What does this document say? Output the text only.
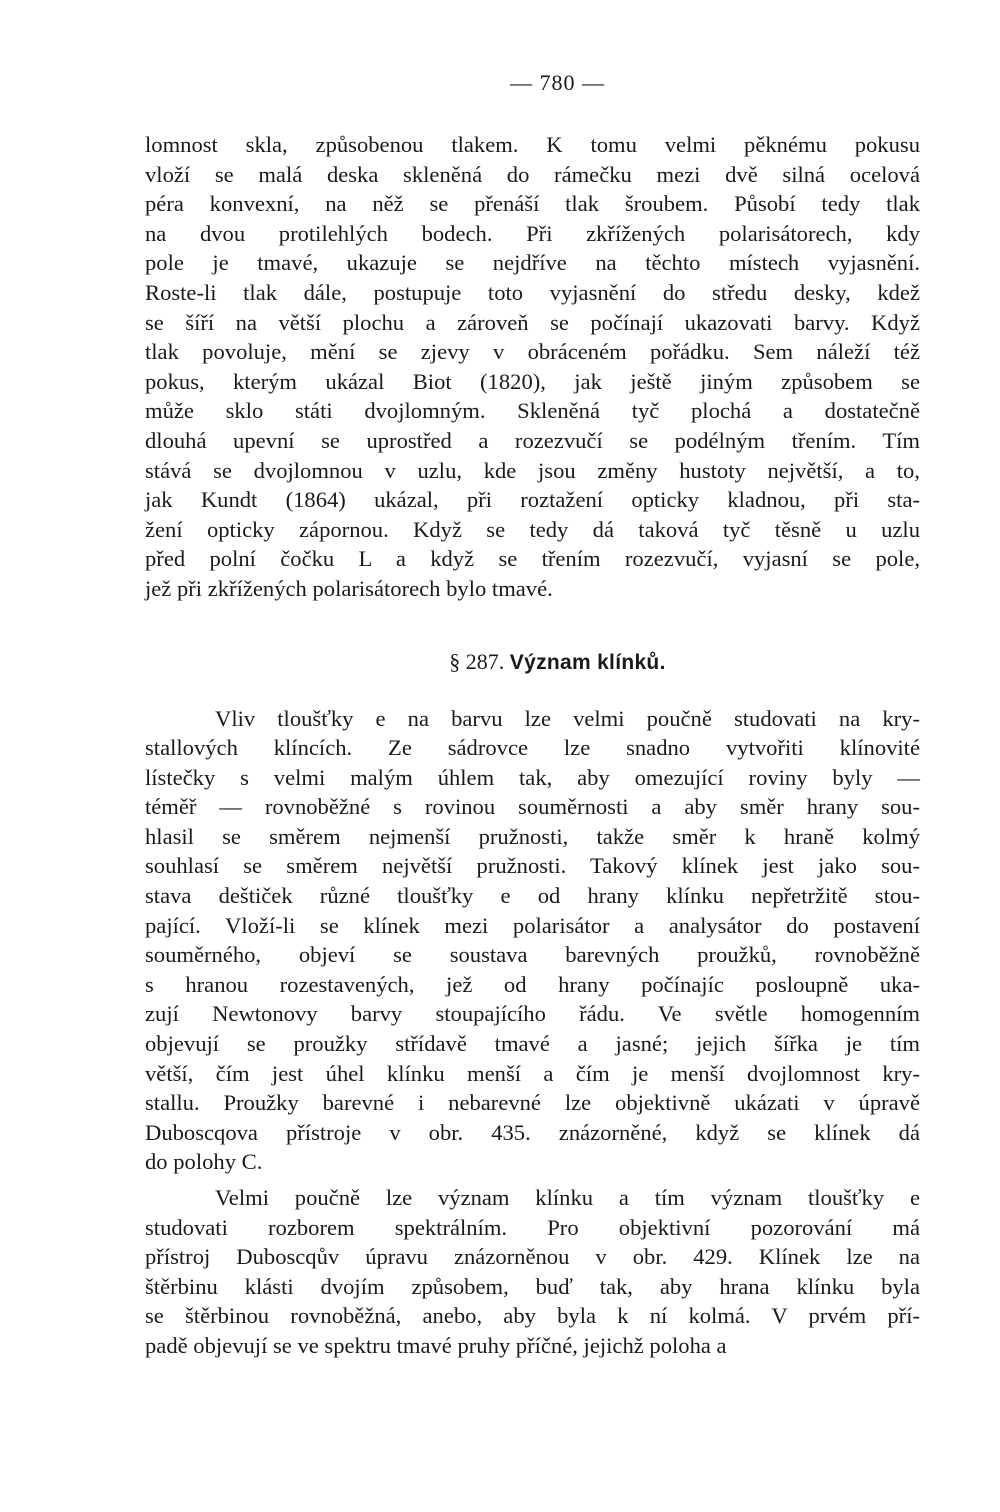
— 780 —
lomnost skla, způsobenou tlakem. K tomu velmi pěknému pokusu
vloží se malá deska skleněná do rámečku mezi dvě silná ocelová
péra konvexní, na něž se přenáší tlak šroubem. Působí tedy tlak
na dvou protilehlých bodech. Při zkřížených polarisátorech, kdy
pole je tmavé, ukazuje se nejdříve na těchto místech vyjasnění.
Roste-li tlak dále, postupuje toto vyjasnění do středu desky, kdež
se šíří na větší plochu a zároveň se počínají ukazovati barvy. Když
tlak povoluje, mění se zjevy v obráceném pořádku. Sem náleží též
pokus, kterým ukázal Biot (1820), jak ještě jiným způsobem se
může sklo státi dvojlomným. Skleněná tyč plochá a dostatečně
dlouhá upevní se uprostřed a rozezvučí se podélným třením. Tím
stává se dvojlomnou v uzlu, kde jsou změny hustoty největší, a to,
jak Kundt (1864) ukázal, při roztažení opticky kladnou, při sta-
žení opticky zápornou. Když se tedy dá taková tyč těsně u uzlu
před polní čočku L a když se třením rozezvučí, vyjasní se pole,
jež při zkřížených polarisátorech bylo tmavé.
§ 287. Význam klínků.
Vliv tloušťky e na barvu lze velmi poučně studovati na kry-
stallových klíncích. Ze sádrovce lze snadno vytvořiti klínovité
lístečky s velmi malým úhlem tak, aby omezující roviny byly —
téměř — rovnoběžné s rovinou souměrnosti a aby směr hrany sou-
hlasil se směrem nejmenší pružnosti, takže směr k hraně kolmý
souhlasí se směrem největší pružnosti. Takový klínek jest jako sou-
stava deštiček různé tloušťky e od hrany klínku nepřetržitě stou-
pající. Vloží-li se klínek mezi polarisátor a analysátor do postavení
souměrného, objeví se soustava barevných proužků, rovnoběžně
s hranou rozestavených, jež od hrany počínajíc posloupně uka-
zují Newtonovy barvy stoupajícího řádu. Ve světle homogenním
objevují se proužky střídavě tmavé a jasné; jejich šířka je tím
větší, čím jest úhel klínku menší a čím je menší dvojlomnost kry-
stallu. Proužky barevné i nebarevné lze objektivně ukázati v úpravě
Duboscqova přístroje v obr. 435. znázorněné, když se klínek dá
do polohy C.
Velmi poučně lze význam klínku a tím význam tloušťky e
studovati rozborem spektrálním. Pro objektivní pozorování má
přístroj Duboscqův úpravu znázorněnou v obr. 429. Klínek lze na
štěrbinu klásti dvojím způsobem, buď tak, aby hrana klínku byla
se štěrbinou rovnoběžná, anebo, aby byla k ní kolmá. V prvém pří-
padě objevují se ve spektru tmavé pruhy příčné, jejichž poloha a
